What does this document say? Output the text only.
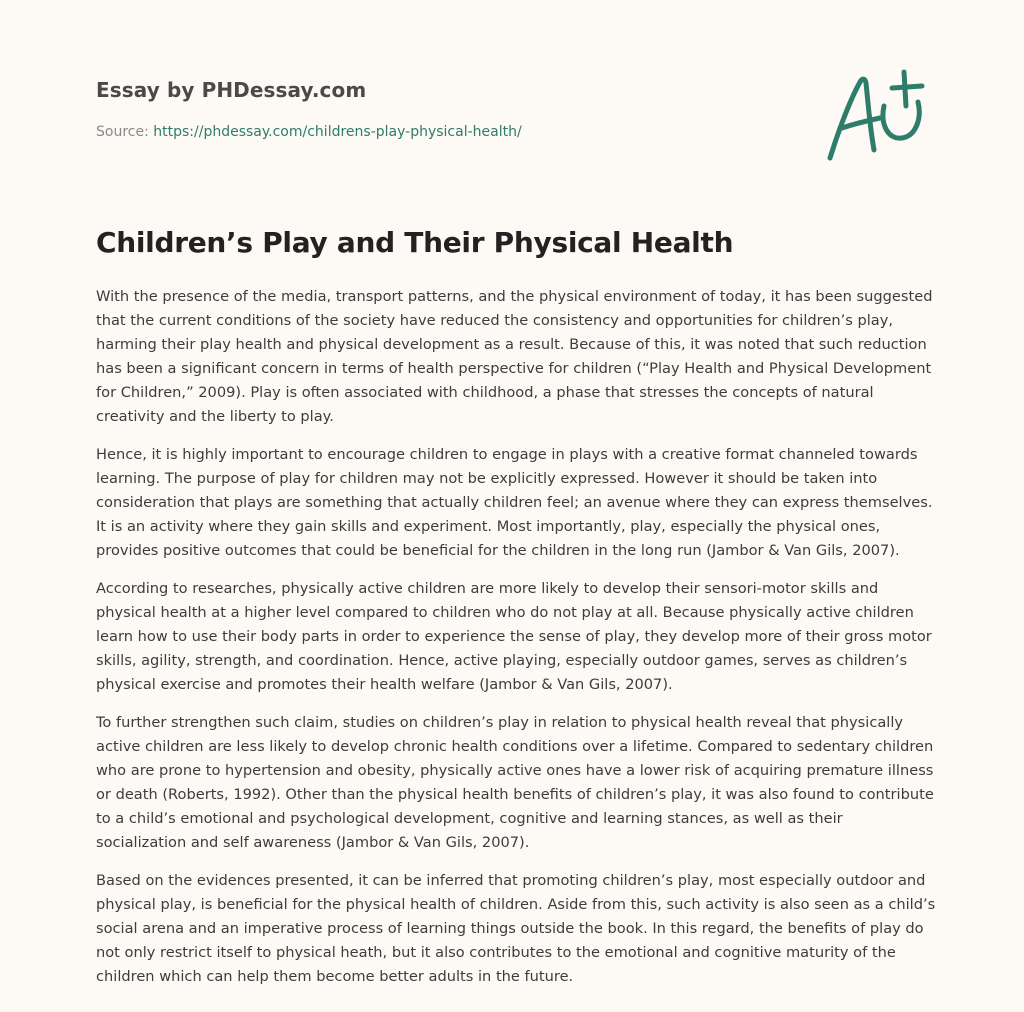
Essay by PHDessay.com
Source: https://phdessay.com/childrens-play-physical-health/
Children’s Play and Their Physical Health

With the presence of the media, transport patterns, and the physical environment of today, it has been suggested that the current conditions of the society have reduced the consistency and opportunities for children’s play, harming their play health and physical development as a result. Because of this, it was noted that such reduction has been a significant concern in terms of health perspective for children (“Play Health and Physical Development for Children,” 2009). Play is often associated with childhood, a phase that stresses the concepts of natural creativity and the liberty to play.

Hence, it is highly important to encourage children to engage in plays with a creative format channeled towards learning. The purpose of play for children may not be explicitly expressed. However it should be taken into consideration that plays are something that actually children feel; an avenue where they can express themselves. It is an activity where they gain skills and experiment. Most importantly, play, especially the physical ones, provides positive outcomes that could be beneficial for the children in the long run (Jambor & Van Gils, 2007).

According to researches, physically active children are more likely to develop their sensori-motor skills and physical health at a higher level compared to children who do not play at all. Because physically active children learn how to use their body parts in order to experience the sense of play, they develop more of their gross motor skills, agility, strength, and coordination. Hence, active playing, especially outdoor games, serves as children’s physical exercise and promotes their health welfare (Jambor & Van Gils, 2007).

To further strengthen such claim, studies on children’s play in relation to physical health reveal that physically active children are less likely to develop chronic health conditions over a lifetime. Compared to sedentary children who are prone to hypertension and obesity, physically active ones have a lower risk of acquiring premature illness or death (Roberts, 1992). Other than the physical health benefits of children’s play, it was also found to contribute to a child’s emotional and psychological development, cognitive and learning stances, as well as their socialization and self awareness (Jambor & Van Gils, 2007).

Based on the evidences presented, it can be inferred that promoting children’s play, most especially outdoor and physical play, is beneficial for the physical health of children. Aside from this, such activity is also seen as a child’s social arena and an imperative process of learning things outside the book. In this regard, the benefits of play do not only restrict itself to physical heath, but it also contributes to the emotional and cognitive maturity of the children which can help them become better adults in the future.
